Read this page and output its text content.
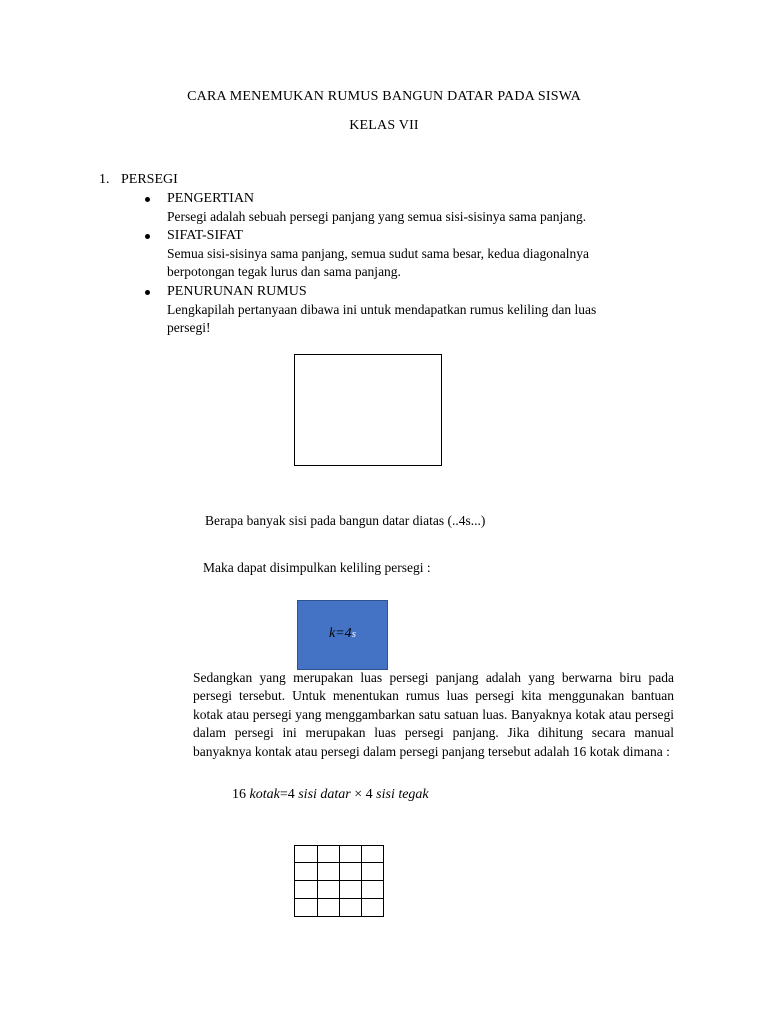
CARA MENEMUKAN RUMUS BANGUN DATAR PADA SISWA
KELAS VII
1. PERSEGI
PENGERTIAN
Persegi adalah sebuah persegi panjang yang semua sisi-sisinya sama panjang.
SIFAT-SIFAT
Semua sisi-sisinya sama panjang, semua sudut sama besar, kedua diagonalnya
berpotongan tegak lurus dan sama panjang.
PENURUNAN RUMUS
Lengkapilah pertanyaan dibawa ini untuk mendapatkan rumus keliling dan luas
persegi!
Berapa banyak sisi pada bangun datar diatas (..4s...)
Maka dapat disimpulkan keliling persegi :
k=4s
Sedangkan yang merupakan luas persegi panjang adalah yang berwarna biru pada persegi tersebut. Untuk menentukan rumus luas persegi kita menggunakan bantuan kotak atau persegi yang menggambarkan satu satuan luas. Banyaknya kotak atau persegi dalam persegi ini merupakan luas persegi panjang. Jika dihitung secara manual banyaknya kontak atau persegi dalam persegi panjang tersebut adalah 16 kotak dimana :
16 kotak=4 sisi datar × 4 sisi tegak
